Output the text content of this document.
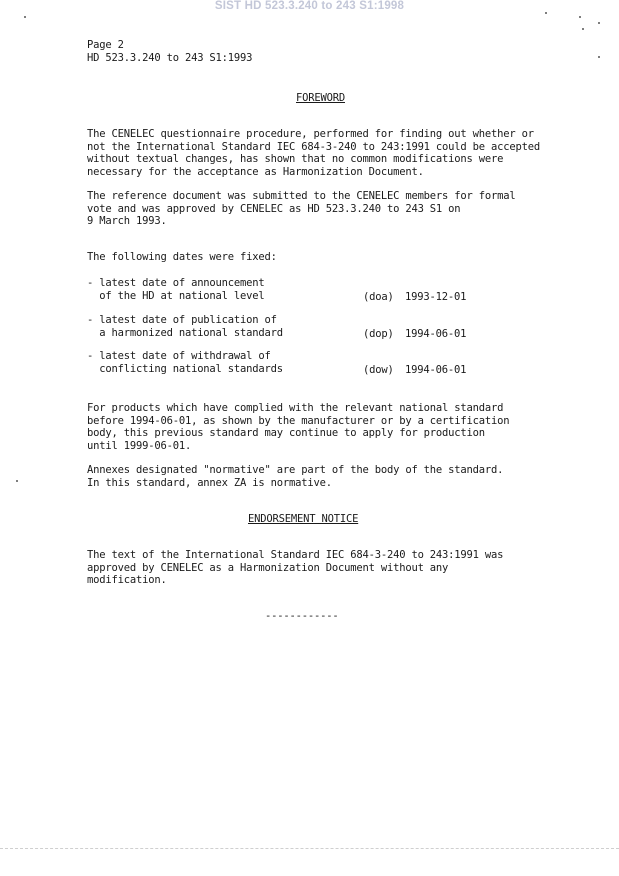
SIST HD 523.3.240 to 243 S1:1998
Page 2
HD 523.3.240 to 243 S1:1993
FOREWORD
The CENELEC questionnaire procedure, performed for finding out whether or
not the International Standard IEC 684-3-240 to 243:1991 could be accepted
without textual changes, has shown that no common modifications were
necessary for the acceptance as Harmonization Document.
The reference document was submitted to the CENELEC members for formal
vote and was approved by CENELEC as HD 523.3.240 to 243 S1 on
9 March 1993.
The following dates were fixed:
- latest date of announcement
of the HD at national level	(doa) 1993-12-01
- latest date of publication of
a harmonized national standard	(dop) 1994-06-01
- latest date of withdrawal of
conflicting national standards	(dow) 1994-06-01
For products which have complied with the relevant national standard
before 1994-06-01, as shown by the manufacturer or by a certification
body, this previous standard may continue to apply for production
until 1999-06-01.
Annexes designated "normative" are part of the body of the standard.
In this standard, annex ZA is normative.
ENDORSEMENT NOTICE
The text of the International Standard IEC 684-3-240 to 243:1991 was
approved by CENELEC as a Harmonization Document without any
modification.
------------
